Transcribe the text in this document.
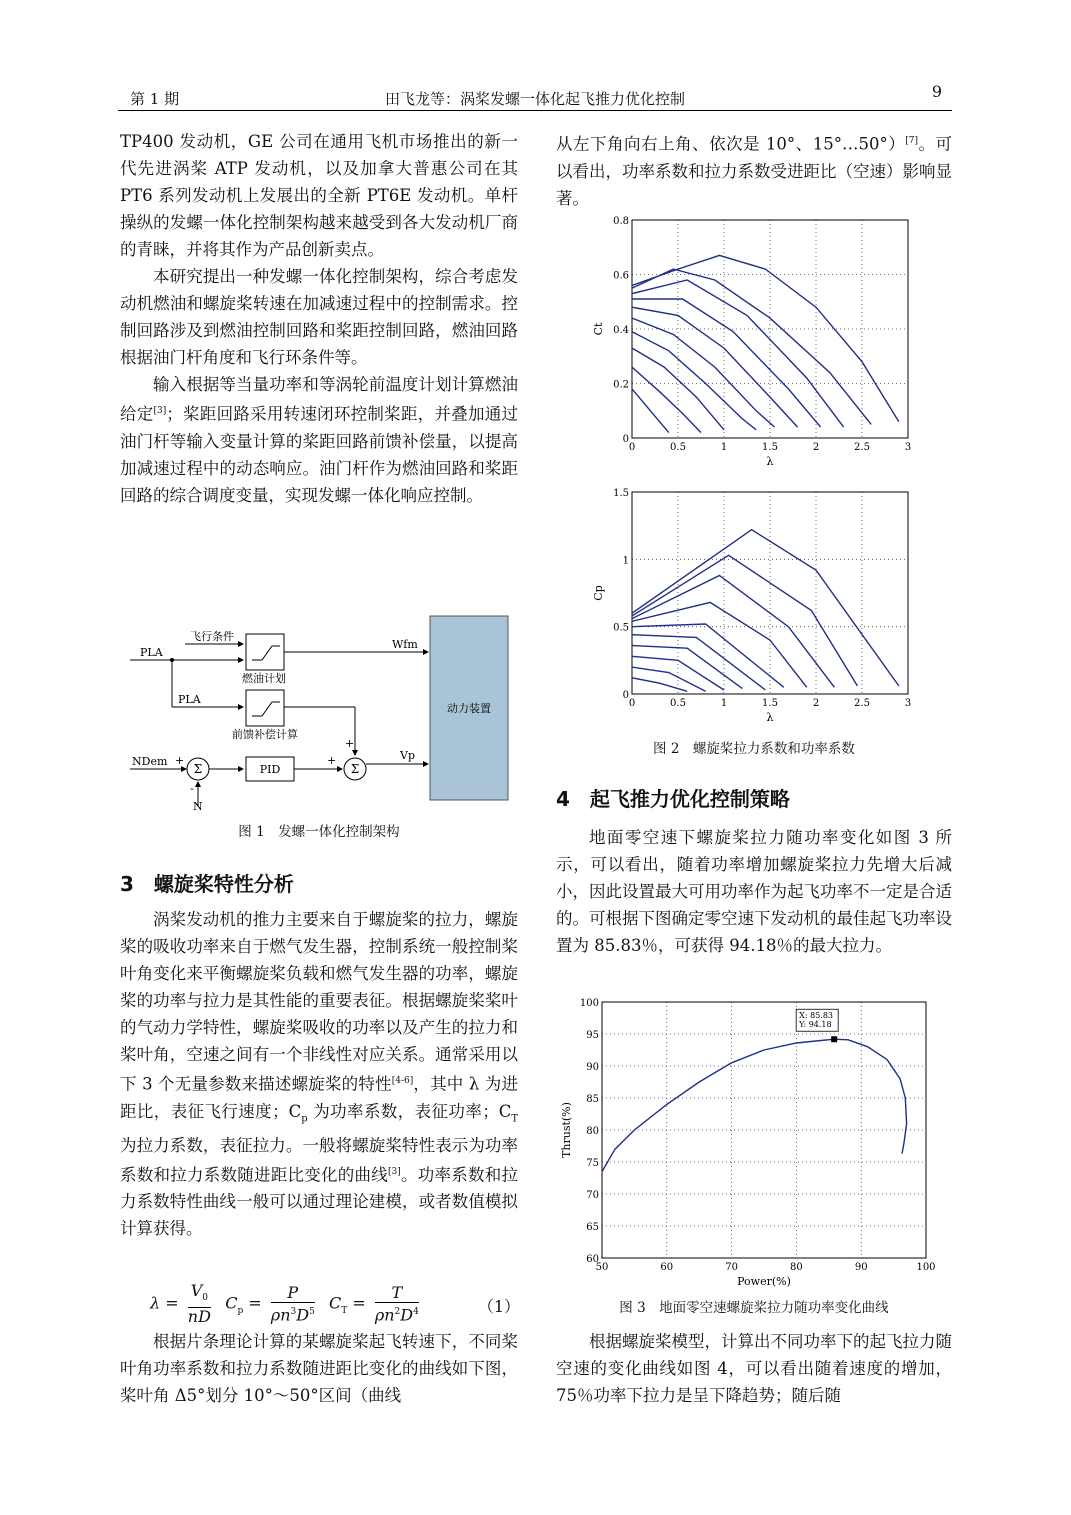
第 1 期	田飞龙等：涡桨发螺一体化起飞推力优化控制	9

TP400 发动机，GE 公司在通用飞机市场推出的新一代先进涡桨 ATP 发动机，以及加拿大普惠公司在其 PT6 系列发动机上发展出的全新 PT6E 发动机。单杆操纵的发螺一体化控制架构越来越受到各大发动机厂商的青睐，并将其作为产品创新卖点。

本研究提出一种发螺一体化控制架构，综合考虑发动机燃油和螺旋桨转速在加减速过程中的控制需求。控制回路涉及到燃油控制回路和桨距控制回路，燃油回路根据油门杆角度和飞行环条件等。

输入根据等当量功率和等涡轮前温度计划计算燃油给定[3]；桨距回路采用转速闭环控制桨距，并叠加通过油门杆等输入变量计算的桨距回路前馈补偿量，以提高加减速过程中的动态响应。油门杆作为燃油回路和桨距回路的综合调度变量，实现发螺一体化响应控制。

PLA
飞行条件
燃油计划
Wfm
PLA
前馈补偿计算
动力装置
NDem
Σ
+
-
N
PID	Σ
+
+
Vp
图 1　发螺一体化控制架构
3　螺旋桨特性分析

涡桨发动机的推力主要来自于螺旋桨的拉力，螺旋桨的吸收功率来自于燃气发生器，控制系统一般控制桨叶角变化来平衡螺旋桨负载和燃气发生器的功率，螺旋桨的功率与拉力是其性能的重要表征。根据螺旋桨桨叶的气动力学特性，螺旋桨吸收的功率以及产生的拉力和桨叶角，空速之间有一个非线性对应关系。通常采用以下 3 个无量参数来描述螺旋桨的特性[4-6]，其中 λ 为进距比，表征飞行速度；$C_p$ 为功率系数，表征功率；$C_T$ 为拉力系数，表征拉力。一般将螺旋桨特性表示为功率系数和拉力系数随进距比变化的曲线[3]。功率系数和拉力系数特性曲线一般可以通过理论建模，或者数值模拟计算获得。

$\lambda = \frac{V_0}{nD} C_p = \frac{P}{\rho n^3D^5} C_T = \frac{T}{\rho n^2D^4}$	（1）

根据片条理论计算的某螺旋桨起飞转速下，不同桨叶角功率系数和拉力系数随进距比变化的曲线如下图，桨叶角 Δ5°划分 10°～50°区间（曲线

从左下角向右上角、依次是 10°、15°…50°）[7]。可以看出，功率系数和拉力系数受进距比（空速）影响显著。

0	0.5	1	1.5	2	2.5	3
0
0.2
0.4
0.6
0.8
λ
Ct
0	0.5	1	1.5	2	2.5	3
0
0.5
1
1.5
λ
Cp
图 2　螺旋桨拉力系数和功率系数
4　起飞推力优化控制策略

地面零空速下螺旋桨拉力随功率变化如图 3 所示，可以看出，随着功率增加螺旋桨拉力先增大后减小，因此设置最大可用功率作为起飞功率不一定是合适的。可根据下图确定零空速下发动机的最佳起飞功率设置为 85.83％，可获得 94.18％的最大拉力。

50	60	70	80	90	100
60
65
70
75
80
85
90
95
100
Power(%)
Thrust(%)
X: 85.83
Y: 94.18
图 3　地面零空速螺旋桨拉力随功率变化曲线

根据螺旋桨模型，计算出不同功率下的起飞拉力随空速的变化曲线如图 4，可以看出随着速度的增加，75％功率下拉力是呈下降趋势；随后随
